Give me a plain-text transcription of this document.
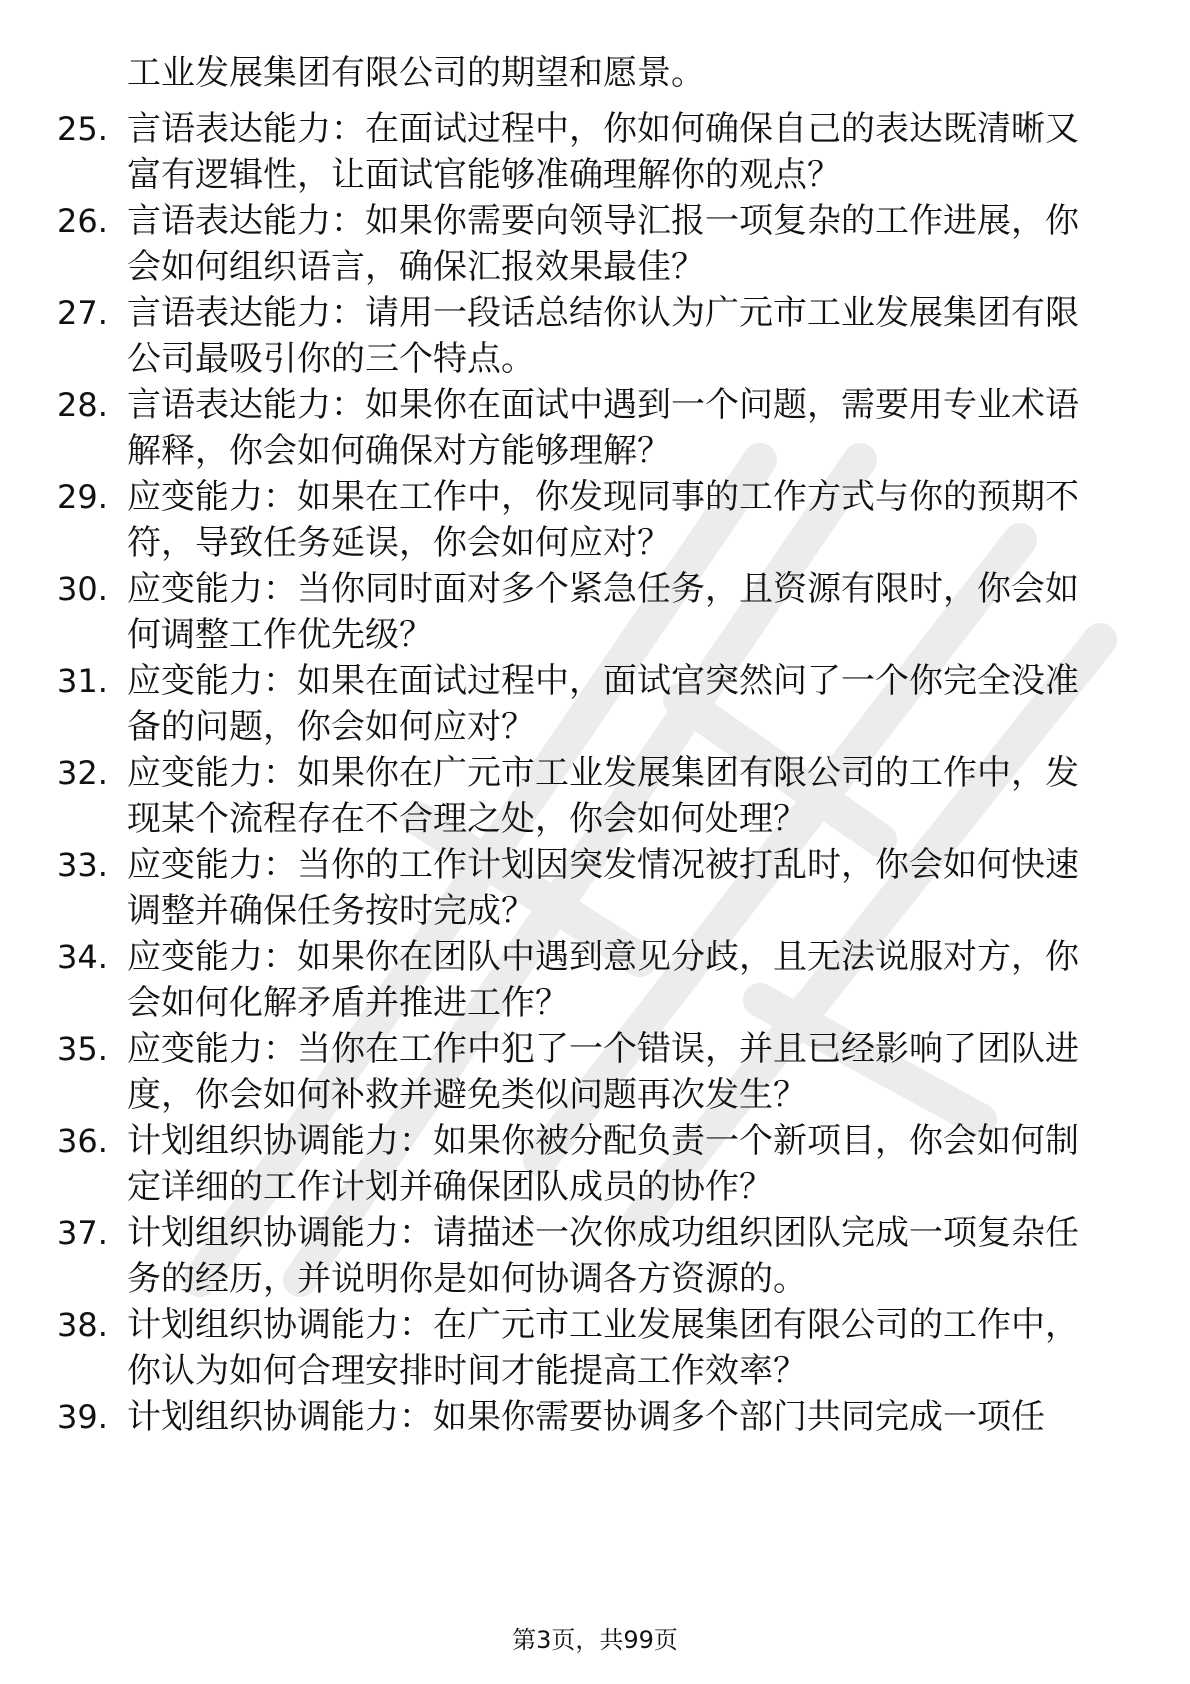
工业发展集团有限公司的期望和愿景。
25. 言语表达能力：在面试过程中，你如何确保自己的表达既清晰又
富有逻辑性，让面试官能够准确理解你的观点？
26. 言语表达能力：如果你需要向领导汇报一项复杂的工作进展，你
会如何组织语言，确保汇报效果最佳？
27. 言语表达能力：请用一段话总结你认为广元市工业发展集团有限
公司最吸引你的三个特点。
28. 言语表达能力：如果你在面试中遇到一个问题，需要用专业术语
解释，你会如何确保对方能够理解？
29. 应变能力：如果在工作中，你发现同事的工作方式与你的预期不
符，导致任务延误，你会如何应对？
30. 应变能力：当你同时面对多个紧急任务，且资源有限时，你会如
何调整工作优先级？
31. 应变能力：如果在面试过程中，面试官突然问了一个你完全没准
备的问题，你会如何应对？
32. 应变能力：如果你在广元市工业发展集团有限公司的工作中，发
现某个流程存在不合理之处，你会如何处理？
33. 应变能力：当你的工作计划因突发情况被打乱时，你会如何快速
调整并确保任务按时完成？
34. 应变能力：如果你在团队中遇到意见分歧，且无法说服对方，你
会如何化解矛盾并推进工作？
35. 应变能力：当你在工作中犯了一个错误，并且已经影响了团队进
度，你会如何补救并避免类似问题再次发生？
36. 计划组织协调能力：如果你被分配负责一个新项目，你会如何制
定详细的工作计划并确保团队成员的协作？
37. 计划组织协调能力：请描述一次你成功组织团队完成一项复杂任
务的经历，并说明你是如何协调各方资源的。
38. 计划组织协调能力：在广元市工业发展集团有限公司的工作中，
你认为如何合理安排时间才能提高工作效率？
39. 计划组织协调能力：如果你需要协调多个部门共同完成一项任
第3页，共99页
